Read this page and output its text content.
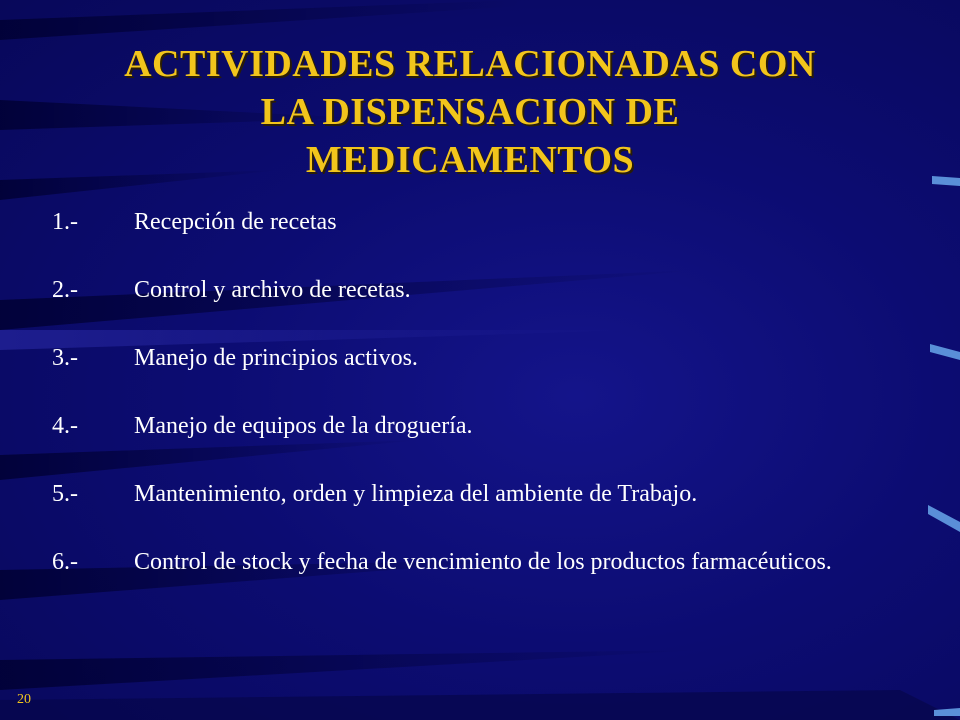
ACTIVIDADES RELACIONADAS CON
LA DISPENSACION DE
MEDICAMENTOS
1.-	Recepción de recetas
2.-	Control y archivo de recetas.
3.-	Manejo de principios activos.
4.-	Manejo de equipos de la droguería.
5.-	Mantenimiento, orden y limpieza del ambiente de Trabajo.
6.-	Control de stock y fecha de vencimiento de los productos farmacéuticos.
20
